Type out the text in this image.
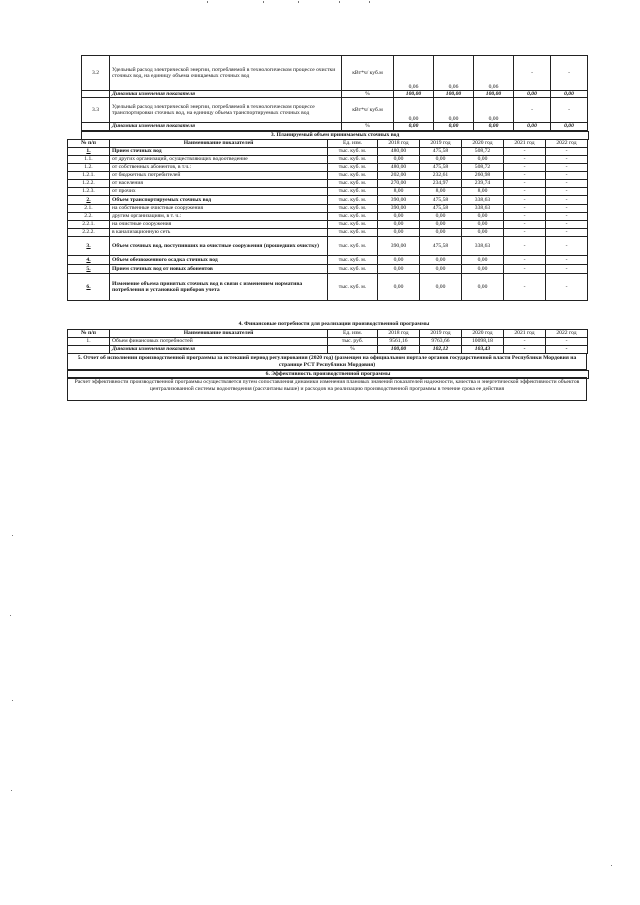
3.2	Удельный расход электрической энергии, потребляемой в технологическом процессе очистки сточных вод, на единицу объема очищаемых сточных вод	кВт*ч/ куб.м	0,06	0,06	0,06	-	-
	Динамика изменения показателя	%	100,00	100,00	100,00	0,00	0,00
3.3	Удельный расход электрической энергии, потребляемой в технологическом процессе транспортировки сточных вод, на единицу объема транспортируемых сточных вод	кВт*ч/ куб.м	0,00	0,00	0,00	-	-
	Динамика изменения показателя	%	0,00	0,00	0,00	0,00	0,00
3. Планируемый объем принимаемых сточных вод
№ п/п	Наименование показателей	Ед. изм.	2018 год	2019 год	2020 год	2021 год	2022 год
1.	Прием сточных вод	тыс. куб. м.	480,00	475,58	508,72	-	-
1.1.	от других организаций, осуществляющих водоотведение	тыс. куб. м.	0,00	0,00	0,00	-	-
1.2.	от собственных абонентов, в т.ч.:	тыс. куб. м.	480,00	475,58	508,72	-	-
1.2.1.	от бюджетных потребителей	тыс. куб. м.	202,00	232,61	260,98	-	-
1.2.2.	от населения	тыс. куб. м.	270,00	234,97	239,74	-	-
1.2.3.	от прочих	тыс. куб. м.	8,00	8,00	8,00	-	-
2.	Объем транспортируемых сточных вод	тыс. куб. м.	390,00	475,58	338,63	-	-
2.1.	на собственные очистные сооружения	тыс. куб. м.	390,00	475,58	338,63	-	-
2.2.	другим организациям, в т. ч.:	тыс. куб. м.	0,00	0,00	0,00	-	-
2.2.1.	на очистные сооружения	тыс. куб. м.	0,00	0,00	0,00	-	-
2.2.2.	в канализационную сеть	тыс. куб. м.	0,00	0,00	0,00	-	-
3.	Объем сточных вод, поступивших на очистные сооружения (прошедших очистку)	тыс. куб. м.	390,00	475,58	338,63	-	-
4.	Объем обезвоженного осадка сточных вод	тыс. куб. м.	0,00	0,00	0,00	-	-
5.	Прием сточных вод от новых абонентов	тыс. куб. м.	0,00	0,00	0,00	-	-
6.	Изменение объема принятых сточных вод в связи с изменением норматива потребления и установкой приборов учета	тыс. куб. м.	0,00	0,00	0,00	-	-
4. Финансовые потребности для реализации производственной программы
№ п/п	Наименование показателей	Ед. изм.	2018 год	2019 год	2020 год	2021 год	2022 год
1.	Объем финансовых потребностей	тыс. руб.	9561,16	9763,66	10098,18	-	-
	Динамика изменения показателя	%	100,00	102,12	103,43	-	-
5. Отчет об исполнении производственной программы за истекший период регулирования (2020 год) (размещен на официальном портале органов государственной власти Республики Мордовия на странице РСТ Республики Мордовия)
6. Эффективность производственной программы
Расчет эффективности производственной программы осуществляется путем сопоставления динамики изменения плановых значений показателей надежности, качества и энергетической эффективности объектов централизованной системы водоотведения (рассчитаны выше) и расходов на реализацию производственной программы в течение срока ее действия
